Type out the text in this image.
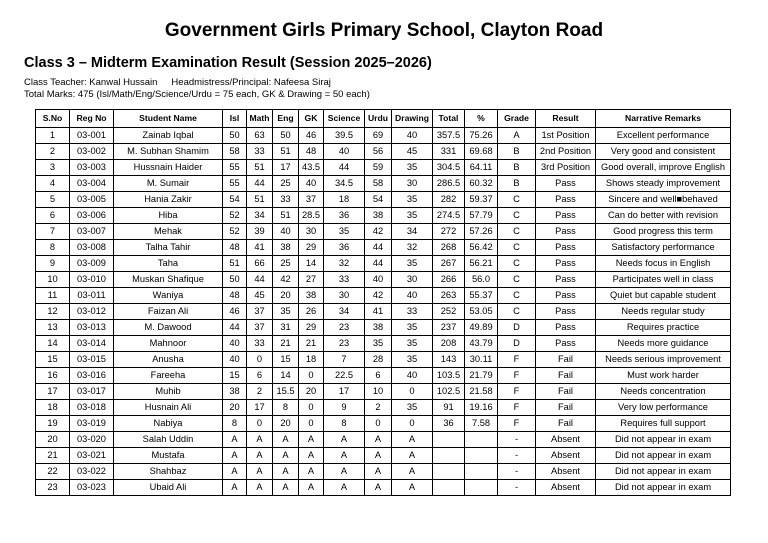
Government Girls Primary School, Clayton Road
Class 3 – Midterm Examination Result (Session 2025–2026)
Class Teacher: Kanwal Hussain Headmistress/Principal: Nafeesa Siraj
Total Marks: 475 (Isl/Math/Eng/Science/Urdu = 75 each, GK & Drawing = 50 each)
S.No	Reg No	Student Name	Isl	Math	Eng	GK	Science	Urdu	Drawing	Total	%	Grade	Result	Narrative Remarks
1	03-001	Zainab Iqbal	50	63	50	46	39.5	69	40	357.5	75.26	A	1st Position	Excellent performance
2	03-002	M. Subhan Shamim	58	33	51	48	40	56	45	331	69.68	B	2nd Position	Very good and consistent
3	03-003	Hussnain Haider	55	51	17	43.5	44	59	35	304.5	64.11	B	3rd Position	Good overall, improve English
4	03-004	M. Sumair	55	44	25	40	34.5	58	30	286.5	60.32	B	Pass	Shows steady improvement
5	03-005	Hania Zakir	54	51	33	37	18	54	35	282	59.37	C	Pass	Sincere and well■behaved
6	03-006	Hiba	52	34	51	28.5	36	38	35	274.5	57.79	C	Pass	Can do better with revision
7	03-007	Mehak	52	39	40	30	35	42	34	272	57.26	C	Pass	Good progress this term
8	03-008	Talha Tahir	48	41	38	29	36	44	32	268	56.42	C	Pass	Satisfactory performance
9	03-009	Taha	51	66	25	14	32	44	35	267	56.21	C	Pass	Needs focus in English
10	03-010	Muskan Shafique	50	44	42	27	33	40	30	266	56.0	C	Pass	Participates well in class
11	03-011	Waniya	48	45	20	38	30	42	40	263	55.37	C	Pass	Quiet but capable student
12	03-012	Faizan Ali	46	37	35	26	34	41	33	252	53.05	C	Pass	Needs regular study
13	03-013	M. Dawood	44	37	31	29	23	38	35	237	49.89	D	Pass	Requires practice
14	03-014	Mahnoor	40	33	21	21	23	35	35	208	43.79	D	Pass	Needs more guidance
15	03-015	Anusha	40	0	15	18	7	28	35	143	30.11	F	Fail	Needs serious improvement
16	03-016	Fareeha	15	6	14	0	22.5	6	40	103.5	21.79	F	Fail	Must work harder
17	03-017	Muhib	38	2	15.5	20	17	10	0	102.5	21.58	F	Fail	Needs concentration
18	03-018	Husnain Ali	20	17	8	0	9	2	35	91	19.16	F	Fail	Very low performance
19	03-019	Nabiya	8	0	20	0	8	0	0	36	7.58	F	Fail	Requires full support
20	03-020	Salah Uddin	A	A	A	A	A	A	A			-	Absent	Did not appear in exam
21	03-021	Mustafa	A	A	A	A	A	A	A			-	Absent	Did not appear in exam
22	03-022	Shahbaz	A	A	A	A	A	A	A			-	Absent	Did not appear in exam
23	03-023	Ubaid Ali	A	A	A	A	A	A	A			-	Absent	Did not appear in exam
